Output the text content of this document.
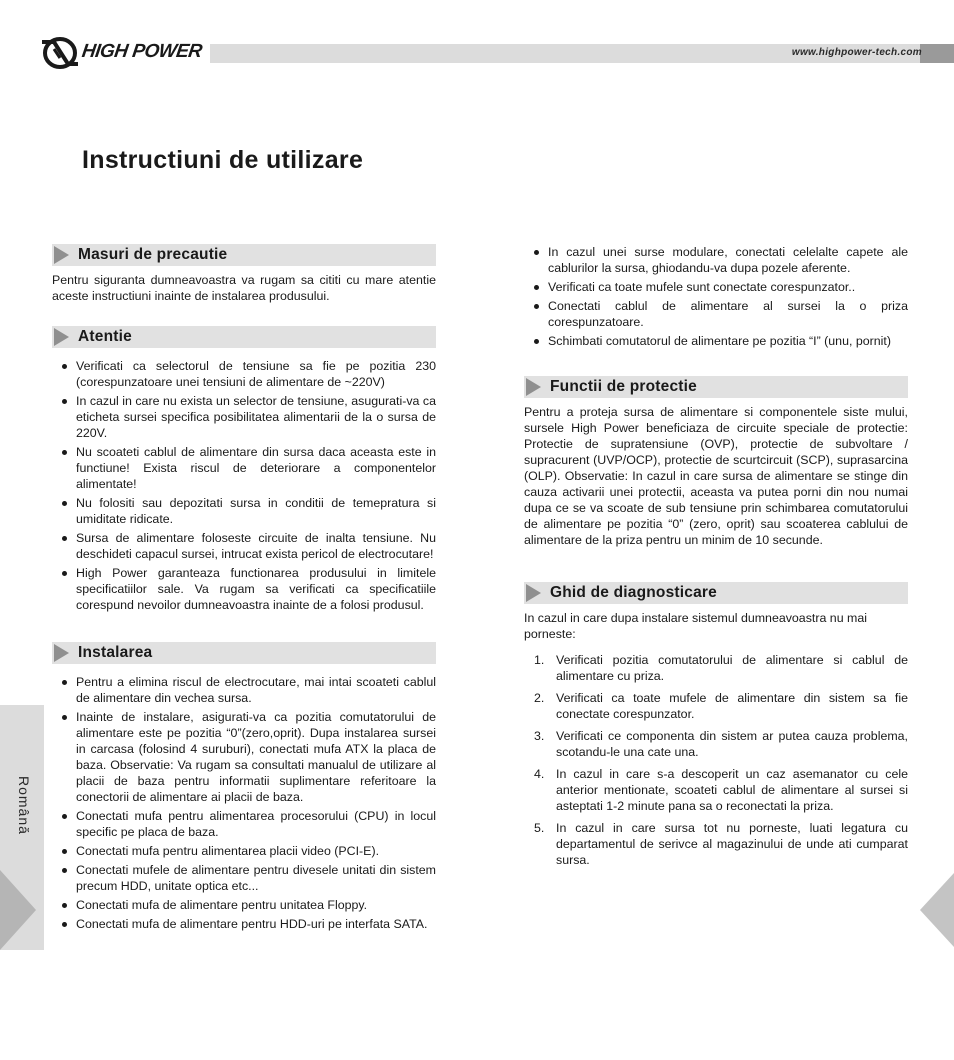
HIGH POWER	www.highpower-tech.com
Instructiuni de utilizare
Masuri de precautie

Pentru siguranta dumneavoastra va rugam sa cititi cu mare atentie aceste instructiuni inainte de instalarea produsului.

Atentie
Verificati ca selectorul de tensiune sa fie pe pozitia 230 (corespunzatoare unei tensiuni de alimentare de ~220V)
In cazul in care nu exista un selector de tensiune, asugurati-va ca eticheta sursei specifica posibilitatea alimentarii de la o sursa de 220V.
Nu scoateti cablul de alimentare din sursa daca aceasta este in functiune! Exista riscul de deteriorare a componentelor alimentate!
Nu folositi sau depozitati sursa in conditii de temepratura si umiditate ridicate.
Sursa de alimentare foloseste circuite de inalta tensiune. Nu deschideti capacul sursei, intrucat exista pericol de electrocutare!
High Power garanteaza functionarea produsului in limitele specificatiilor sale. Va rugam sa verificati ca specificatiile corespund nevoilor dumneavoastra inainte de a folosi produsul.
Instalarea
Pentru a elimina riscul de electrocutare, mai intai scoateti cablul de alimentare din vechea sursa.
Inainte de instalare, asigurati-va ca pozitia comutatorului de alimentare este pe pozitia “0”(zero,oprit). Dupa instalarea sursei in carcasa (folosind 4 suruburi), conectati mufa ATX la placa de baza. Observatie: Va rugam sa consultati manualul de utilizare al placii de baza pentru informatii suplimentare referitoare la conectorii de alimentare ai placii de baza.
Conectati mufa pentru alimentarea procesorului (CPU) in locul specific pe placa de baza.
Conectati mufa pentru alimentarea placii video (PCI-E).
Conectati mufele de alimentare pentru divesele unitati din sistem precum HDD, unitate optica etc...
Conectati mufa de alimentare pentru unitatea Floppy.
Conectati mufa de alimentare pentru HDD-uri pe interfata SATA.
In cazul unei surse modulare, conectati celelalte capete ale cablurilor la sursa, ghiodandu-va dupa pozele aferente.
Verificati ca toate mufele sunt conectate corespunzator..
Conectati cablul de alimentare al sursei la o priza corespunzatoare.
Schimbati comutatorul de alimentare pe pozitia “I” (unu, pornit)
Functii de protectie

Pentru a proteja sursa de alimentare si componentele siste mului, sursele High Power beneficiaza de circuite speciale de protectie: Protectie de supratensiune (OVP), protectie de subvoltare / supracurent (UVP/OCP), protectie de scurtcircuit (SCP), suprasarcina (OLP). Observatie: In cazul in care sursa de alimentare se stinge din cauza activarii unei protectii, aceasta va putea porni din nou numai dupa ce se va scoate de sub tensiune prin schimbarea comutatorului de alimentare pe pozitia “0” (zero, oprit) sau scoaterea cablului de alimentare de la priza pentru un minim de 10 secunde.

Ghid de diagnosticare

In cazul in care dupa instalare sistemul dumneavoastra nu mai porneste:

1. Verificati pozitia comutatorului de alimentare si cablul de alimentare cu priza.
2. Verificati ca toate mufele de alimentare din sistem sa fie conectate corespunzator.
3. Verificati ce componenta din sistem ar putea cauza problema, scotandu-le una cate una.
4. In cazul in care s-a descoperit un caz asemanator cu cele anterior mentionate, scoateti cablul de alimentare al sursei si asteptati 1-2 minute pana sa o reconectati la priza.
5. In cazul in care sursa tot nu porneste, luati legatura cu departamentul de serivce al magazinului de unde ati cumparat sursa.
Română
